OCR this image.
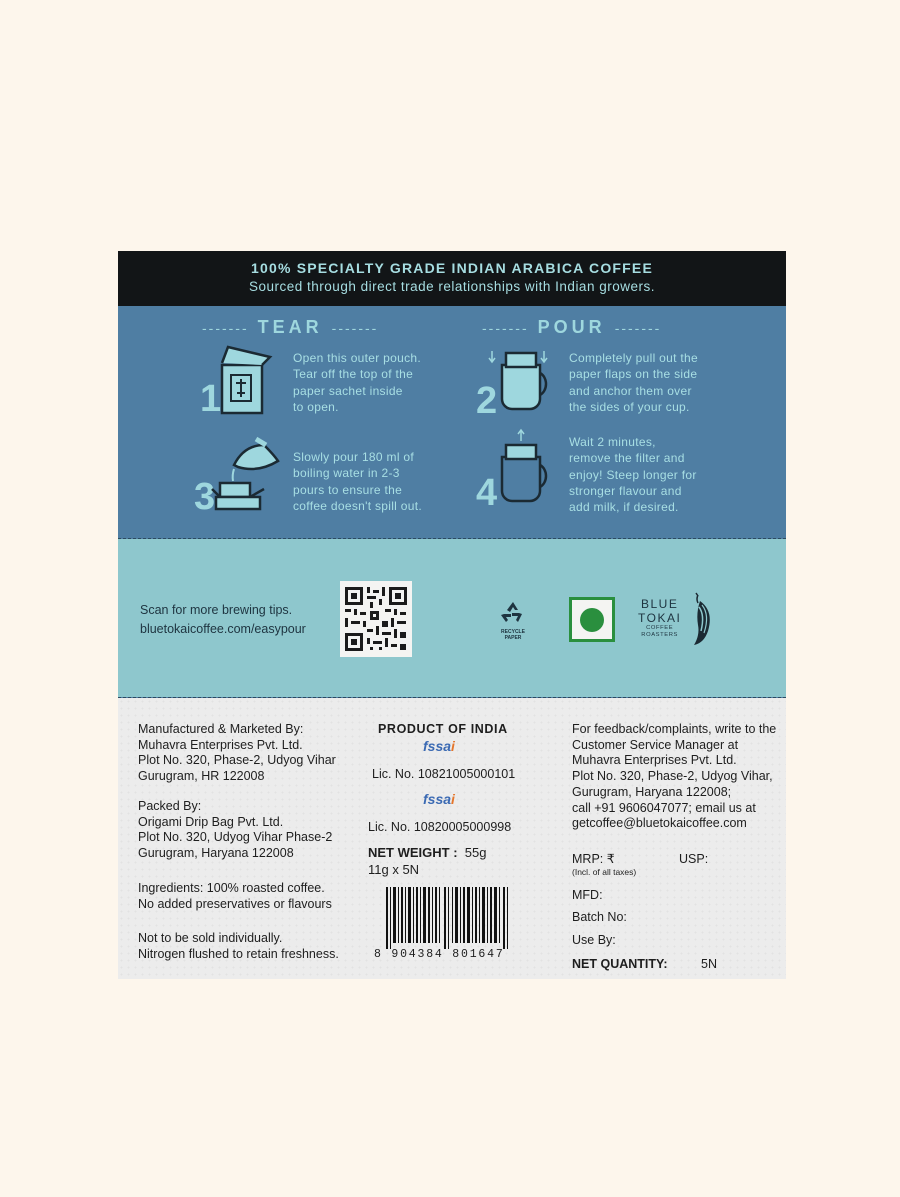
100% SPECIALTY GRADE INDIAN ARABICA COFFEE
Sourced through direct trade relationships with Indian growers.
------- TEAR -------	------- POUR -------
1	2
3	4
Open this outer pouch.
Tear off the top of the
paper sachet inside
to open.
Completely pull out the
paper flaps on the side
and anchor them over
the sides of your cup.
Slowly pour 180 ml of
boiling water in 2-3
pours to ensure the
coffee doesn't spill out.
Wait 2 minutes,
remove the filter and
enjoy! Steep longer for
stronger flavour and
add milk, if desired.
Scan for more brewing tips.
bluetokaicoffee.com/easypour	RECYCLE
PAPER
BLUE
TOKAI
COFFEE
ROASTERS
Manufactured & Marketed By:
Muhavra Enterprises Pvt. Ltd.
Plot No. 320, Phase-2, Udyog Vihar
Gurugram, HR 122008
Packed By:
Origami Drip Bag Pvt. Ltd.
Plot No. 320, Udyog Vihar Phase-2
Gurugram, Haryana 122008
Ingredients: 100% roasted coffee.
No added preservatives or flavours
Not to be sold individually.
Nitrogen flushed to retain freshness.
PRODUCT OF INDIA
fssai
Lic. No. 10821005000101
fssai
Lic. No. 10820005000998
NET WEIGHT : 55g
11g x 5N
8 904384 801647
For feedback/complaints, write to the
Customer Service Manager at
Muhavra Enterprises Pvt. Ltd.
Plot No. 320, Phase-2, Udyog Vihar,
Gurugram, Haryana 122008;
call +91 9606047077; email us at
getcoffee@bluetokaicoffee.com
MRP: ₹
(Incl. of all taxes)
USP:
MFD:
Batch No:
Use By:
NET QUANTITY:	5N
